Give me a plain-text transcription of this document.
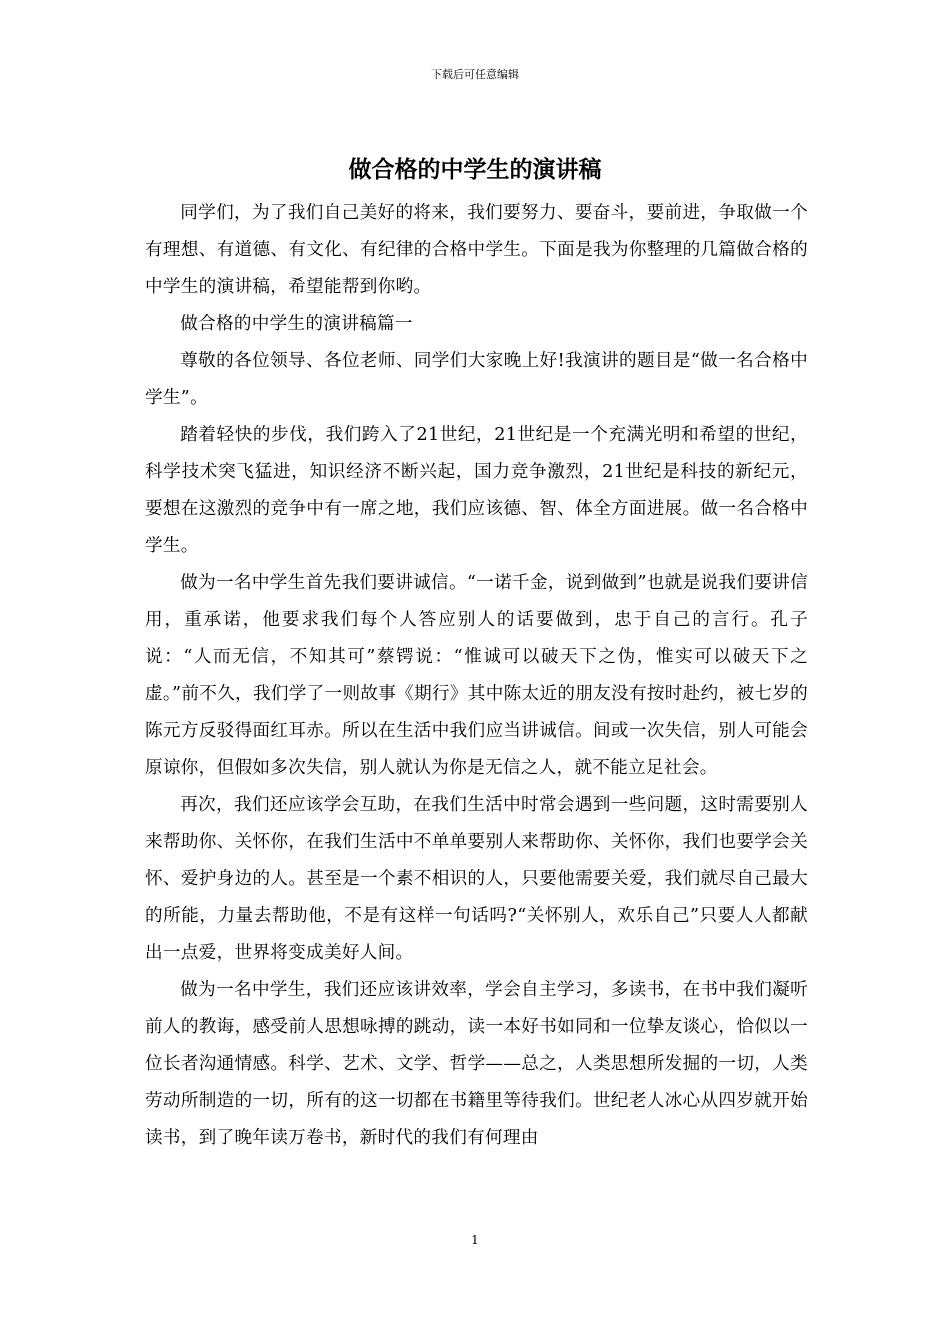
下载后可任意编辑
做合格的中学生的演讲稿

同学们，为了我们自己美好的将来，我们要努力、要奋斗，要前进，争取做一个有理想、有道德、有文化、有纪律的合格中学生。下面是我为你整理的几篇做合格的中学生的演讲稿，希望能帮到你哟。

做合格的中学生的演讲稿篇一

尊敬的各位领导、各位老师、同学们大家晚上好!我演讲的题目是“做一名合格中学生”。

踏着轻快的步伐，我们跨入了21世纪，21世纪是一个充满光明和希望的世纪，科学技术突飞猛进，知识经济不断兴起，国力竞争激烈，21世纪是科技的新纪元，要想在这激烈的竞争中有一席之地，我们应该德、智、体全方面进展。做一名合格中学生。

做为一名中学生首先我们要讲诚信。“一诺千金，说到做到”也就是说我们要讲信用，重承诺，他要求我们每个人答应别人的话要做到，忠于自己的言行。孔子说：“人而无信，不知其可”蔡锷说：“惟诚可以破天下之伪，惟实可以破天下之虚。”前不久，我们学了一则故事《期行》其中陈太近的朋友没有按时赴约，被七岁的陈元方反驳得面红耳赤。所以在生活中我们应当讲诚信。间或一次失信，别人可能会原谅你，但假如多次失信，别人就认为你是无信之人，就不能立足社会。

再次，我们还应该学会互助，在我们生活中时常会遇到一些问题，这时需要别人来帮助你、关怀你，在我们生活中不单单要别人来帮助你、关怀你，我们也要学会关怀、爱护身边的人。甚至是一个素不相识的人，只要他需要关爱，我们就尽自己最大的所能，力量去帮助他，不是有这样一句话吗?“关怀别人，欢乐自己”只要人人都献出一点爱，世界将变成美好人间。

做为一名中学生，我们还应该讲效率，学会自主学习，多读书，在书中我们凝听前人的教诲，感受前人思想咏搏的跳动，读一本好书如同和一位挚友谈心，恰似以一位长者沟通情感。科学、艺术、文学、哲学——总之，人类思想所发掘的一切，人类劳动所制造的一切，所有的这一切都在书籍里等待我们。世纪老人冰心从四岁就开始读书，到了晚年读万卷书，新时代的我们有何理由

1
